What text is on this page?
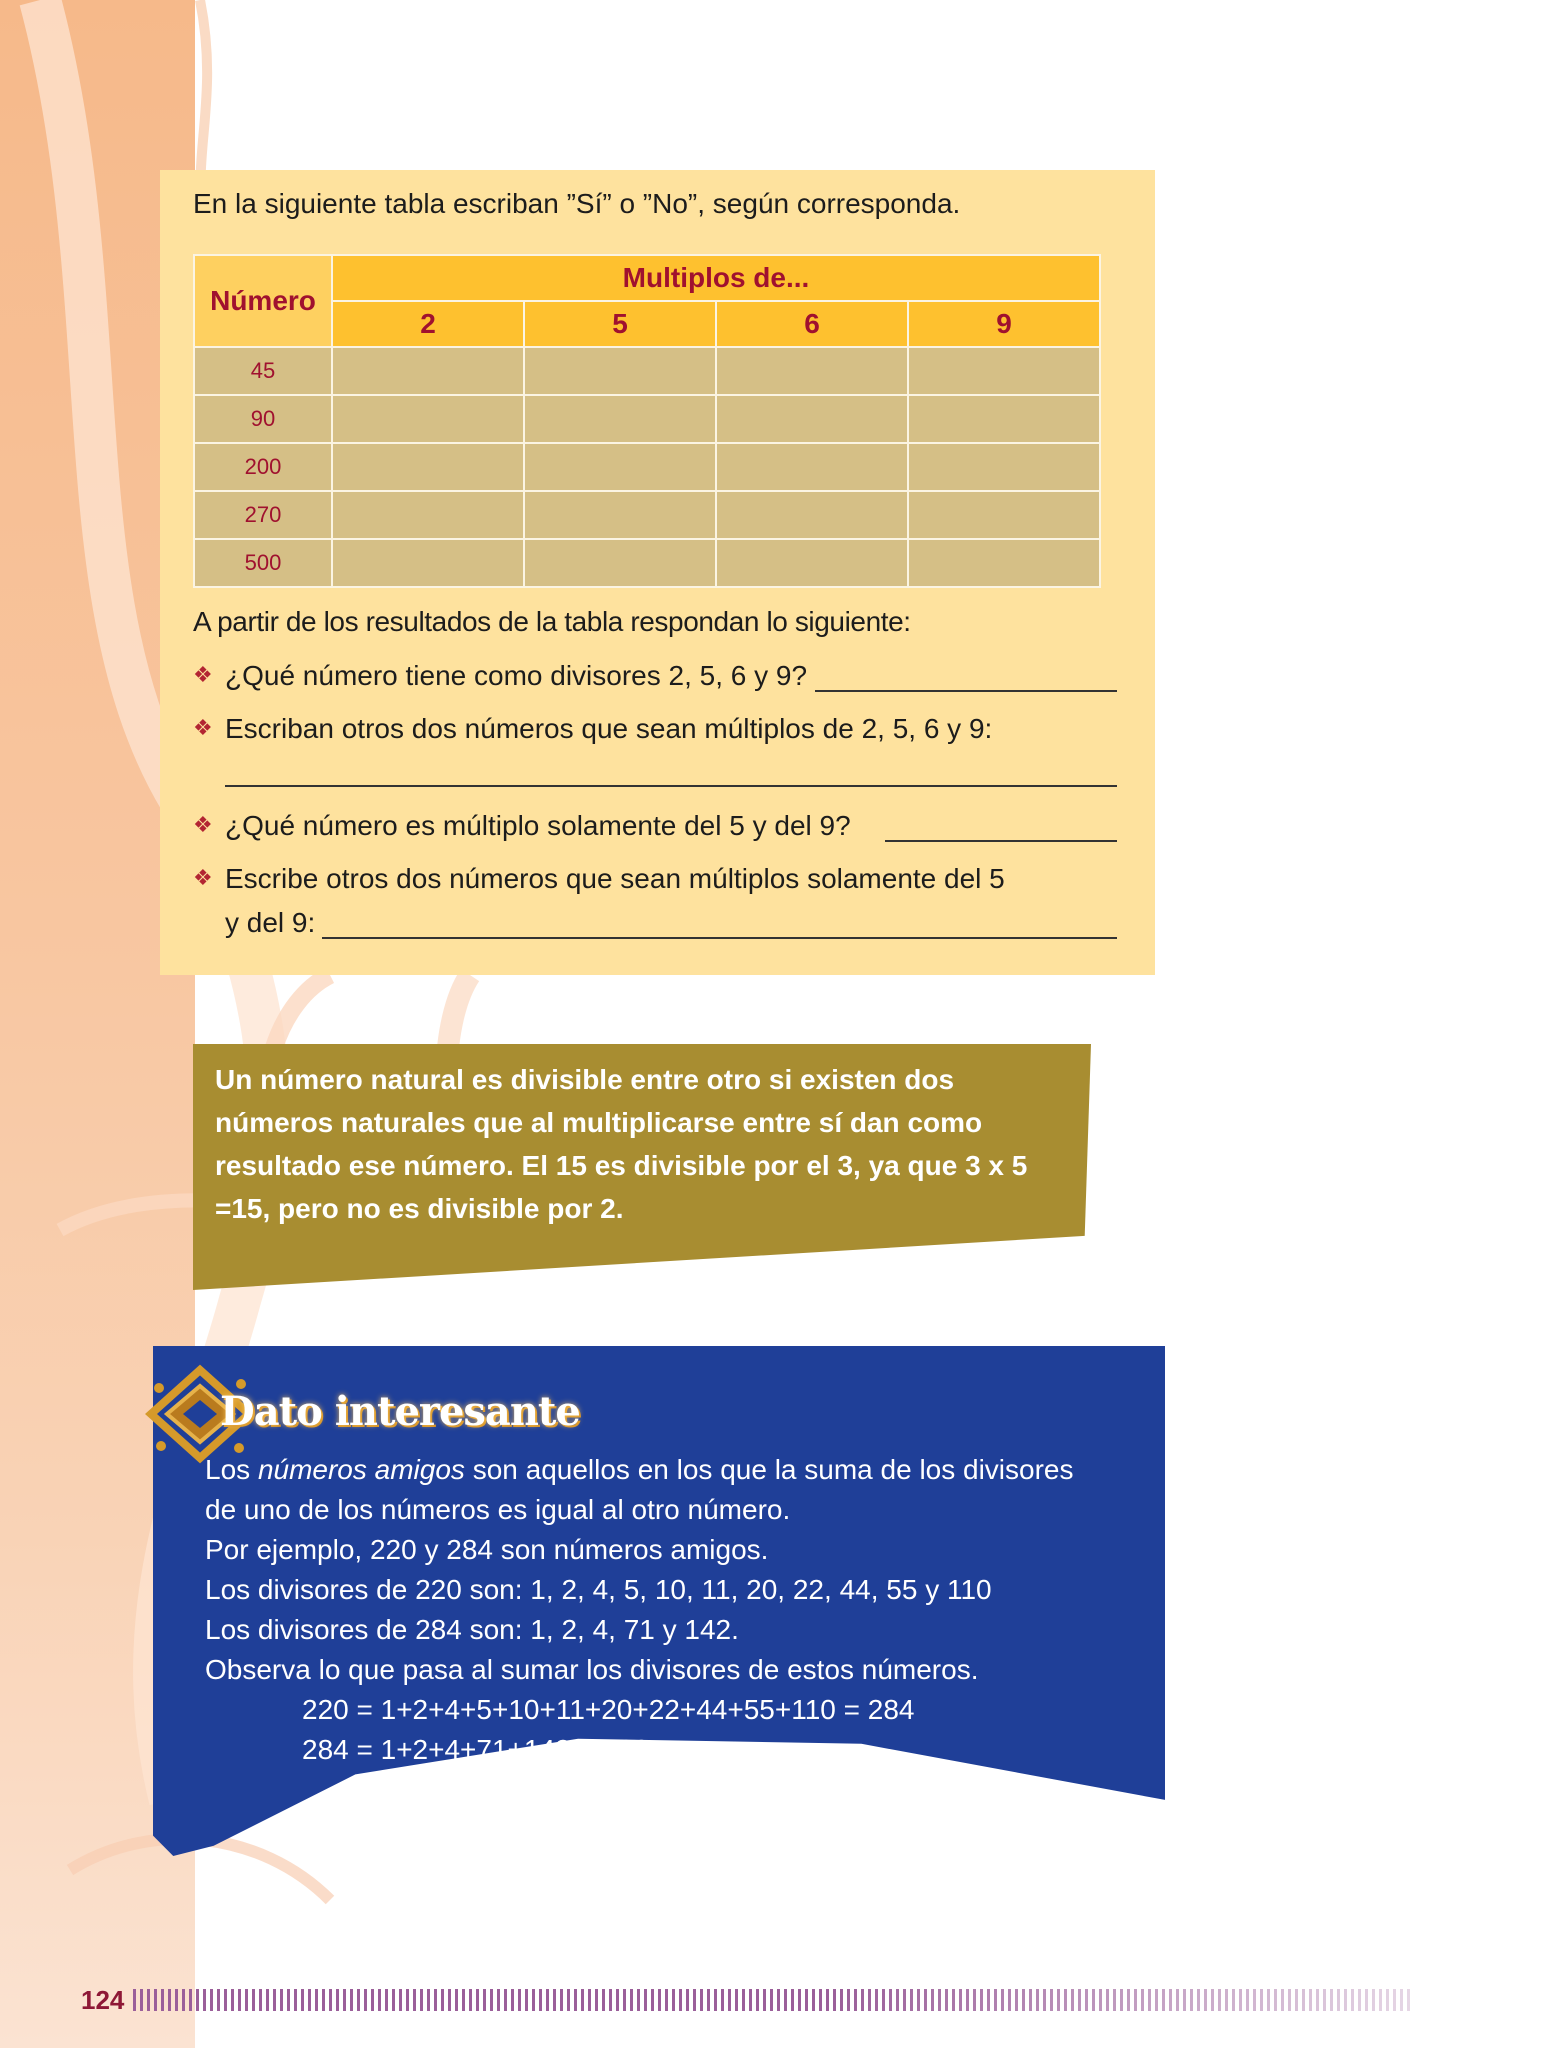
En la siguiente tabla escriban ”Sí” o ”No”, según corresponda.
Número	Multiplos de...			
	2	5	6	9
45				
90				
200				
270				
500				
A partir de los resultados de la tabla respondan lo siguiente:
❖ ¿Qué número tiene como divisores 2, 5, 6 y 9?
❖ Escriban otros dos números que sean múltiplos de 2, 5, 6 y 9:
❖ ¿Qué número es múltiplo solamente del 5 y del 9?
❖ Escribe otros dos números que sean múltiplos solamente del 5
y del 9:
Un número natural es divisible entre otro si existen dos
números naturales que al multiplicarse entre sí dan como
resultado ese número. El 15 es divisible por el 3, ya que 3 x 5
=15, pero no es divisible por 2.
Dato interesante
Los números amigos son aquellos en los que la suma de los divisores
de uno de los números es igual al otro número.
Por ejemplo, 220 y 284 son números amigos.
Los divisores de 220 son: 1, 2, 4, 5, 10, 11, 20, 22, 44, 55 y 110
Los divisores de 284 son: 1, 2, 4, 71 y 142.
Observa lo que pasa al sumar los divisores de estos números.
220 = 1+2+4+5+10+11+20+22+44+55+110 = 284
284 = 1+2+4+71+142 = 220
124
